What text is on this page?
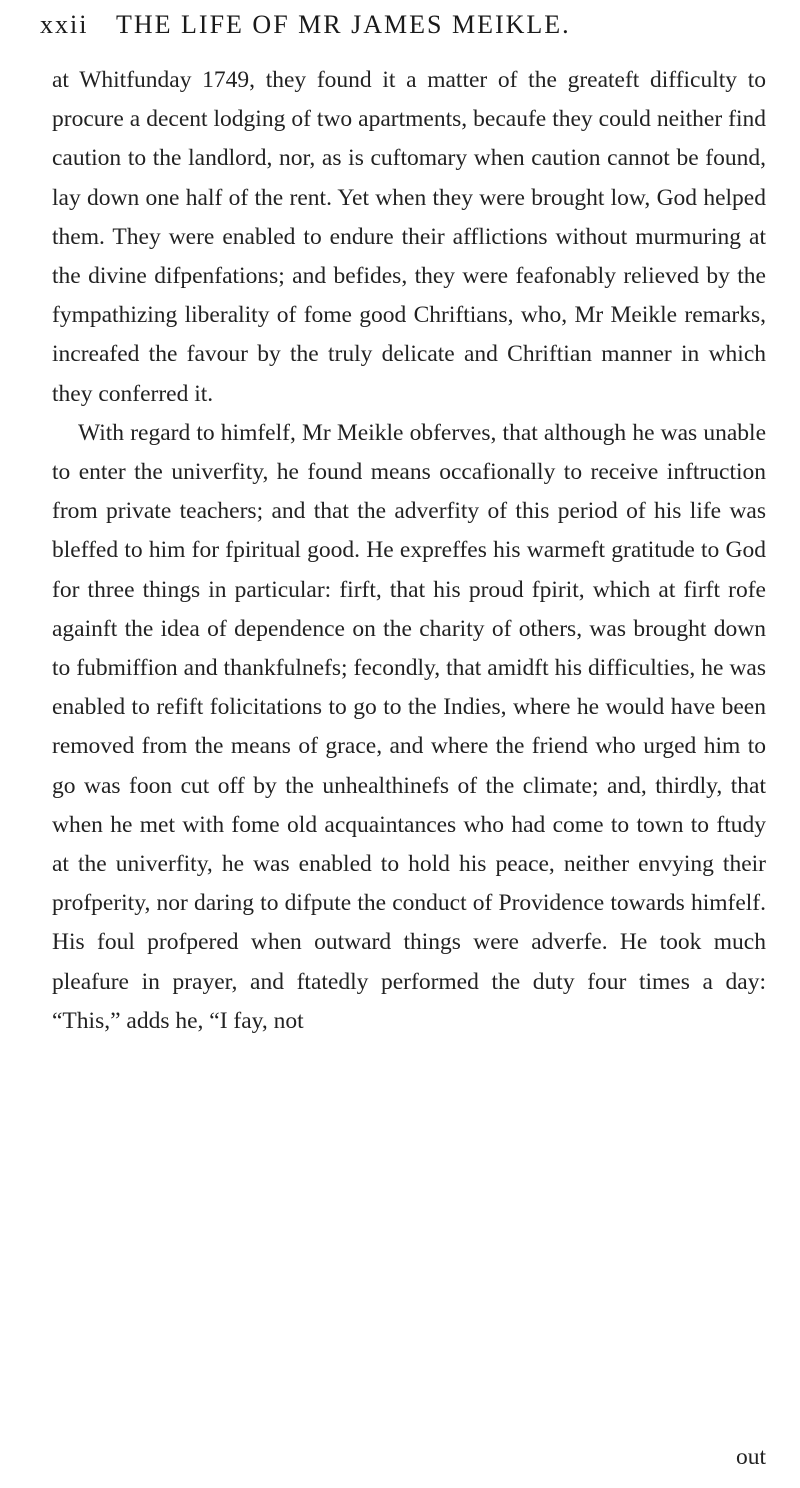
xxii THE LIFE OF MR JAMES MEIKLE.

at Whitfunday 1749, they found it a matter of the greateft difficulty to procure a decent lodging of two apartments, becaufe they could neither find caution to the landlord, nor, as is cuftomary when caution cannot be found, lay down one half of the rent. Yet when they were brought low, God helped them. They were enabled to endure their afflictions without murmuring at the divine difpenfations; and befides, they were feafonably relieved by the fympathizing liberality of fome good Chriftians, who, Mr Meikle remarks, increafed the favour by the truly delicate and Chriftian manner in which they conferred it.

With regard to himfelf, Mr Meikle obferves, that although he was unable to enter the univerfity, he found means occafionally to receive inftruction from private teachers; and that the adverfity of this period of his life was bleffed to him for fpiritual good. He expreffes his warmeft gratitude to God for three things in particular: firft, that his proud fpirit, which at firft rofe againft the idea of dependence on the charity of others, was brought down to fubmiffion and thankfulnefs; fecondly, that amidft his difficulties, he was enabled to refift folicitations to go to the Indies, where he would have been removed from the means of grace, and where the friend who urged him to go was foon cut off by the unhealthinefs of the climate; and, thirdly, that when he met with fome old acquaintances who had come to town to ftudy at the univerfity, he was enabled to hold his peace, neither envying their profperity, nor daring to difpute the conduct of Providence towards himfelf. His foul profpered when outward things were adverfe. He took much pleafure in prayer, and ftatedly performed the duty four times a day: “This,” adds he, “I fay, not

out
